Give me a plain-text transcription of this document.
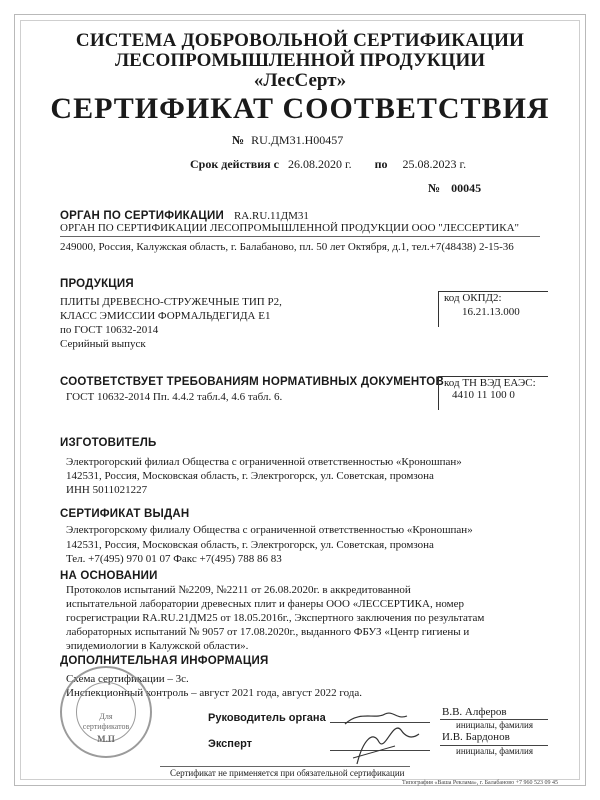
СИСТЕМА ДОБРОВОЛЬНОЙ СЕРТИФИКАЦИИ
ЛЕСОПРОМЫШЛЕННОЙ ПРОДУКЦИИ
«ЛесСерт»
СЕРТИФИКАТ СООТВЕТСТВИЯ
№ RU.ДМ31.Н00457
Срок действия с 26.08.2020 г. по 25.08.2023 г.
№ 00045
ОРГАН ПО СЕРТИФИКАЦИИ RA.RU.11ДМ31
ОРГАН ПО СЕРТИФИКАЦИИ ЛЕСОПРОМЫШЛЕННОЙ ПРОДУКЦИИ ООО "ЛЕССЕРТИКА"
249000, Россия, Калужская область, г. Балабаново, пл. 50 лет Октября, д.1, тел.+7(48438) 2-15-36
ПРОДУКЦИЯ
ПЛИТЫ ДРЕВЕСНО-СТРУЖЕЧНЫЕ ТИП Р2,
КЛАСС ЭМИССИИ ФОРМАЛЬДЕГИДА Е1
по ГОСТ 10632-2014
Серийный выпуск
код ОКПД2:
16.21.13.000
СООТВЕТСТВУЕТ ТРЕБОВАНИЯМ НОРМАТИВНЫХ ДОКУМЕНТОВ
ГОСТ 10632-2014 Пп. 4.4.2 табл.4, 4.6 табл. 6.
код ТН ВЭД ЕАЭС:
4410 11 100 0
ИЗГОТОВИТЕЛЬ
Электрогорский филиал Общества с ограниченной ответственностью «Кроношпан»
142531, Россия, Московская область, г. Электрогорск, ул. Советская, промзона
ИНН 5011021227
СЕРТИФИКАТ ВЫДАН
Электрогорскому филиалу Общества с ограниченной ответственностью «Кроношпан»
142531, Россия, Московская область, г. Электрогорск, ул. Советская, промзона
Тел. +7(495) 970 01 07 Факс +7(495) 788 86 83
НА ОСНОВАНИИ
Протоколов испытаний №2209, №2211 от 26.08.2020г. в аккредитованной
испытательной лаборатории древесных плит и фанеры ООО «ЛЕССЕРТИКА, номер
госрегистрации RA.RU.21ДМ25 от 18.05.2016г., Экспертного заключения по результатам
лабораторных испытаний № 9057 от 17.08.2020г., выданного ФБУЗ «Центр гигиены и
эпидемиологии в Калужской области».
ДОПОЛНИТЕЛЬНАЯ ИНФОРМАЦИЯ
Схема сертификации – 3с.
Инспекционный контроль – август 2021 года, август 2022 года.
Для
сертификатов
М.П
Руководитель органа	В.В. Алферов
инициалы, фамилия
Эксперт
И.В. Бардонов
инициалы, фамилия
Сертификат не применяется при обязательной сертификации
Типография «Ваша Реклама», г. Балабаново +7 960 523 09 45
